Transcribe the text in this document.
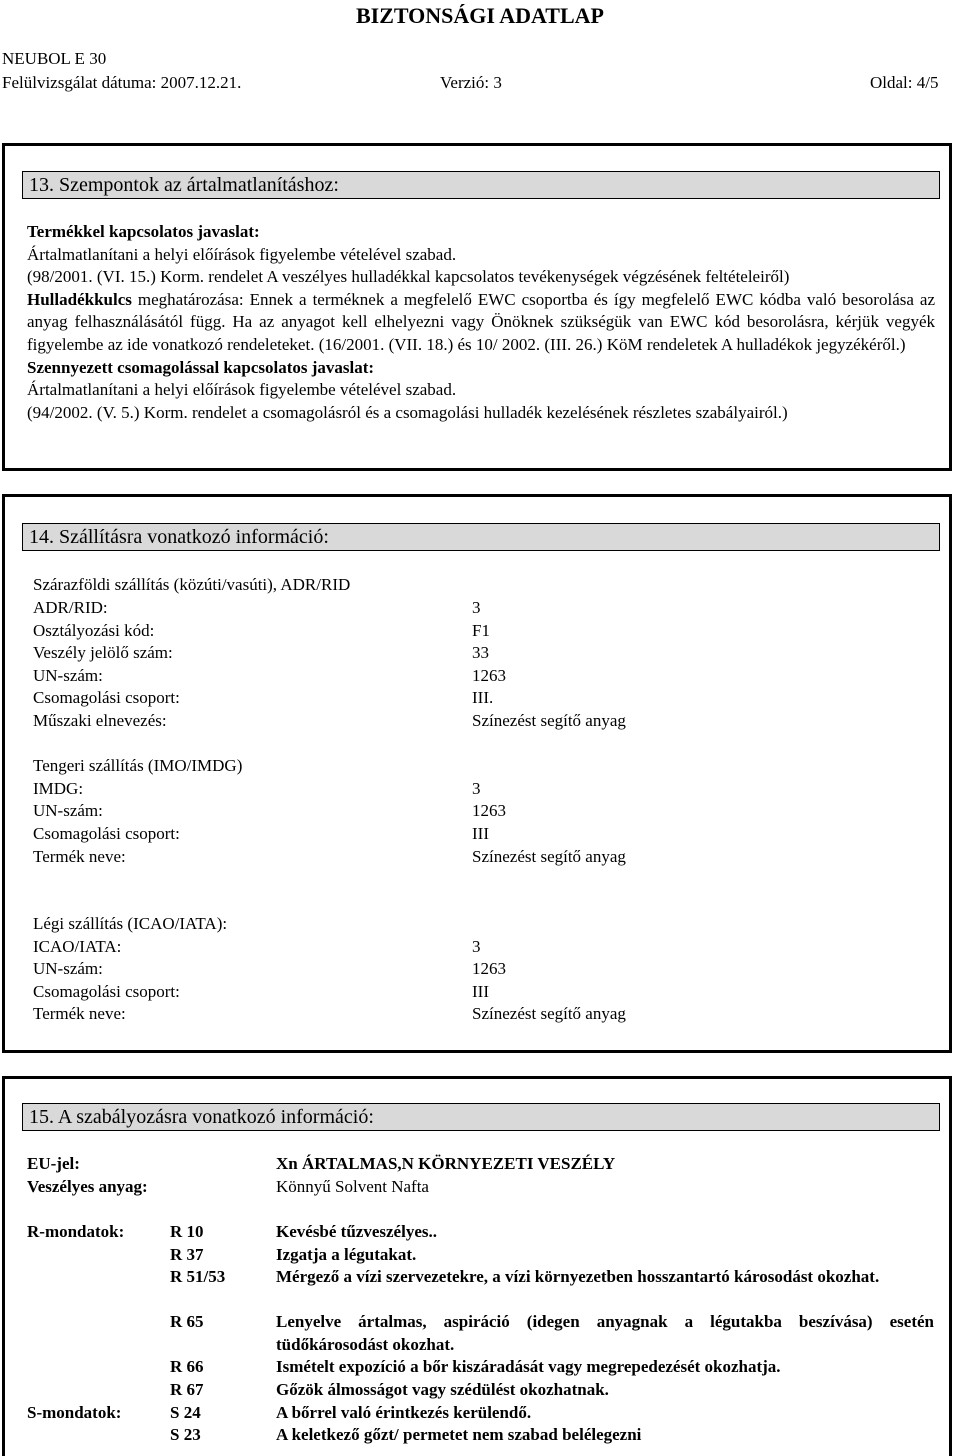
BIZTONSÁGI ADATLAP
NEUBOL E 30
Felülvizsgálat dátuma: 2007.12.21.	Verzió: 3	Oldal: 4/5
13. Szempontok az ártalmatlanításhoz:

Termékkel kapcsolatos javaslat:

Ártalmatlanítani a helyi előírások figyelembe vételével szabad.

(98/2001. (VI. 15.) Korm. rendelet A veszélyes hulladékkal kapcsolatos tevékenységek végzésének feltételeiről)

Hulladékkulcs meghatározása: Ennek a terméknek a megfelelő EWC csoportba és így megfelelő EWC kódba való besorolása az anyag felhasználásától függ. Ha az anyagot kell elhelyezni vagy Önöknek szükségük van EWC kód besorolásra, kérjük vegyék figyelembe az ide vonatkozó rendeleteket. (16/2001. (VII. 18.) és 10/ 2002. (III. 26.) KöM rendeletek A hulladékok jegyzékéről.)

Szennyezett csomagolással kapcsolatos javaslat:

Ártalmatlanítani a helyi előírások figyelembe vételével szabad.

(94/2002. (V. 5.) Korm. rendelet a csomagolásról és a csomagolási hulladék kezelésének részletes szabályairól.)

14. Szállításra vonatkozó információ:
Szárazföldi szállítás (közúti/vasúti), ADR/RID
ADR/RID:	3
Osztályozási kód:	F1
Veszély jelölő szám:	33
UN-szám:	1263
Csomagolási csoport:	III.
Műszaki elnevezés:	Színezést segítő anyag
Tengeri szállítás (IMO/IMDG)
IMDG:	3
UN-szám:	1263
Csomagolási csoport:	III
Termék neve:	Színezést segítő anyag
Légi szállítás (ICAO/IATA):
ICAO/IATA:	3
UN-szám:	1263
Csomagolási csoport:	III
Termék neve:	Színezést segítő anyag
15. A szabályozásra vonatkozó információ:
EU-jel:	Xn ÁRTALMAS,N KÖRNYEZETI VESZÉLY
Veszélyes anyag:	Könnyű Solvent Nafta
R-mondatok:	R 10	Kevésbé tűzveszélyes..
R 37	Izgatja a légutakat.
R 51/53	Mérgező a vízi szervezetekre, a vízi környezetben hosszantartó károsodást okozhat.
R 65	Lenyelve ártalmas, aspiráció (idegen anyagnak a légutakba beszívása) esetén tüdőkárosodást okozhat.
R 66	Ismételt expozíció a bőr kiszáradását vagy megrepedezését okozhatja.
R 67	Gőzök álmosságot vagy szédülést okozhatnak.
S-mondatok:	S 24	A bőrrel való érintkezés kerülendő.
S 23	A keletkező gőzt/ permetet nem szabad belélegezni
